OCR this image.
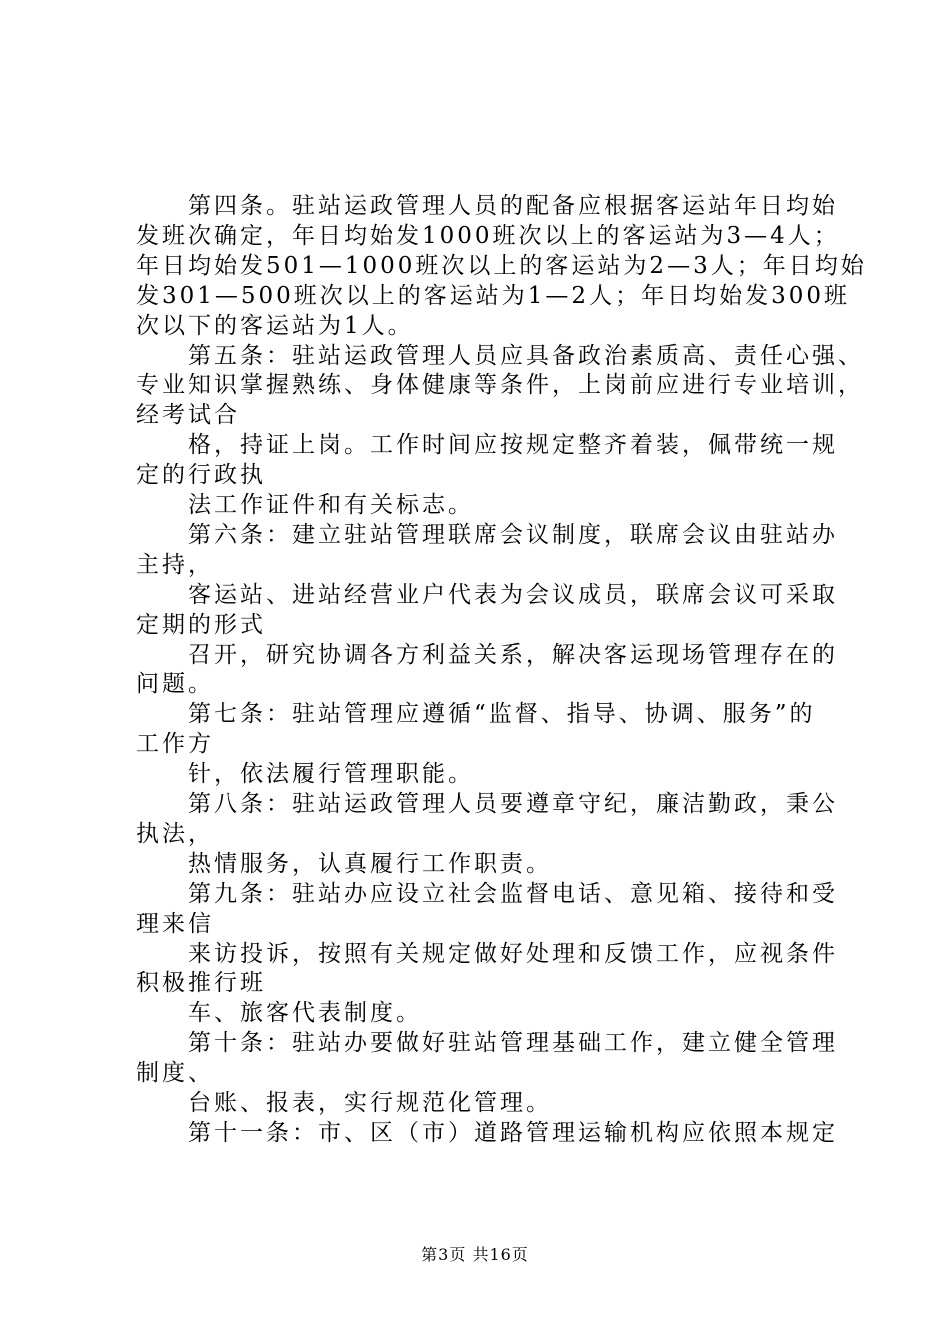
　　第四条。驻站运政管理人员的配备应根据客运站年日均始
发班次确定，年日均始发1000班次以上的客运站为3—4人；
年日均始发501—1000班次以上的客运站为2—3人；年日均始
发301—500班次以上的客运站为1—2人；年日均始发300班
次以下的客运站为1人。
　　第五条：驻站运政管理人员应具备政治素质高、责任心强、
专业知识掌握熟练、身体健康等条件，上岗前应进行专业培训，
经考试合
　　格，持证上岗。工作时间应按规定整齐着装，佩带统一规
定的行政执
　　法工作证件和有关标志。
　　第六条：建立驻站管理联席会议制度，联席会议由驻站办
主持，
　　客运站、进站经营业户代表为会议成员，联席会议可采取
定期的形式
　　召开，研究协调各方利益关系，解决客运现场管理存在的
问题。
　　第七条：驻站管理应遵循“监督、指导、协调、服务”的
工作方
　　针，依法履行管理职能。
　　第八条：驻站运政管理人员要遵章守纪，廉洁勤政，秉公
执法，
　　热情服务，认真履行工作职责。
　　第九条：驻站办应设立社会监督电话、意见箱、接待和受
理来信
　　来访投诉，按照有关规定做好处理和反馈工作，应视条件
积极推行班
　　车、旅客代表制度。
　　第十条：驻站办要做好驻站管理基础工作，建立健全管理
制度、
　　台账、报表，实行规范化管理。
　　第十一条：市、区（市）道路管理运输机构应依照本规定
第3页 共16页
